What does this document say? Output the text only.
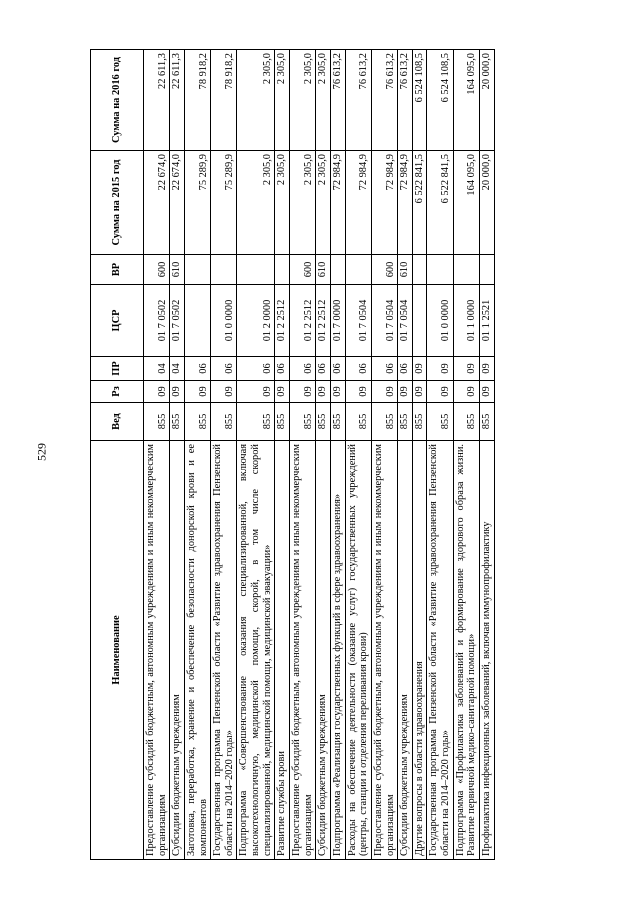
529
Наименование	Вед	Рз	ПР	ЦСР	ВР	Сумма на 2015 год	Сумма на 2016 год
Предоставление субсидий бюджетным, автономным учреждениям и иным некоммерческим организациям	855	09	04	01 7 0502	600	22 674,0	22 611,3
Субсидии бюджетным учреждениям	855	09	04	01 7 0502	610	22 674,0	22 611,3
Заготовка, переработка, хранение и обеспечение безопасности донорской крови и ее компонентов	855	09	06			75 289,9	78 918,2
Государственная программа Пензенской области «Развитие здравоохранения Пензенской области на 2014–2020 годы»	855	09	06	01 0 0000		75 289,9	78 918,2
Подпрограмма «Совершенствование оказания специализированной, включая высокотехнологичную, медицинской помощи, скорой, в том числе скорой специализированной, медицинской помощи, медицинской эвакуации»	855	09	06	01 2 0000		2 305,0	2 305,0
Развитие службы крови	855	09	06	01 2 2512		2 305,0	2 305,0
Предоставление субсидий бюджетным, автономным учреждениям и иным некоммерческим организациям	855	09	06	01 2 2512	600	2 305,0	2 305,0
Субсидии бюджетным учреждениям	855	09	06	01 2 2512	610	2 305,0	2 305,0
Подпрограмма «Реализация государственных функций в сфере здравоохранения»	855	09	06	01 7 0000		72 984,9	76 613,2
Расходы на обеспечение деятельности (оказание услуг) государственных учреждений (центры, станции и отделения переливания крови)	855	09	06	01 7 0504		72 984,9	76 613,2
Предоставление субсидий бюджетным, автономным учреждениям и иным некоммерческим организациям	855	09	06	01 7 0504	600	72 984,9	76 613,2
Субсидии бюджетным учреждениям	855	09	06	01 7 0504	610	72 984,9	76 613,2
Другие вопросы в области здравоохранения	855	09	09			6 522 841,5	6 524 108,5
Государственная программа Пензенской области «Развитие здравоохранения Пензенской области на 2014–2020 годы»	855	09	09	01 0 0000		6 522 841,5	6 524 108,5
Подпрограмма «Профилактика заболеваний и формирование здорового образа жизни. Развитие первичной медико-санитарной помощи»	855	09	09	01 1 0000		164 095,0	164 095,0
Профилактика инфекционных заболеваний, включая иммунопрофилактику	855	09	09	01 1 2521		20 000,0	20 000,0
